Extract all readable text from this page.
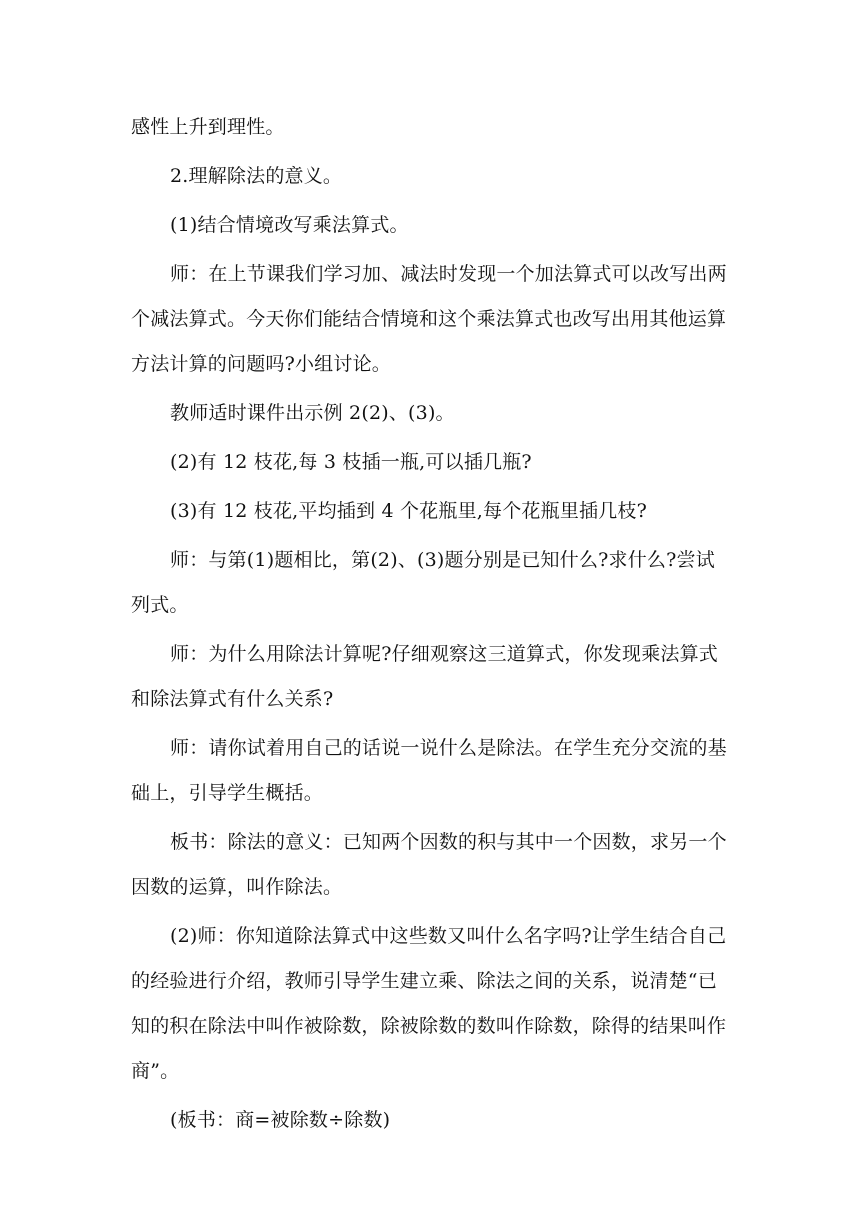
感性上升到理性。

2.理解除法的意义。

(1)结合情境改写乘法算式。

师：在上节课我们学习加、减法时发现一个加法算式可以改写出两个减法算式。今天你们能结合情境和这个乘法算式也改写出用其他运算方法计算的问题吗?小组讨论。

教师适时课件出示例 2(2)、(3)。

(2)有 12 枝花,每 3 枝插一瓶,可以插几瓶?

(3)有 12 枝花,平均插到 4 个花瓶里,每个花瓶里插几枝?

师：与第(1)题相比，第(2)、(3)题分别是已知什么?求什么?尝试列式。

师：为什么用除法计算呢?仔细观察这三道算式，你发现乘法算式和除法算式有什么关系?

师：请你试着用自己的话说一说什么是除法。在学生充分交流的基础上，引导学生概括。

板书：除法的意义：已知两个因数的积与其中一个因数，求另一个因数的运算，叫作除法。

(2)师：你知道除法算式中这些数又叫什么名字吗?让学生结合自己的经验进行介绍，教师引导学生建立乘、除法之间的关系，说清楚“已知的积在除法中叫作被除数，除被除数的数叫作除数，除得的结果叫作商”。

(板书：商=被除数÷除数)
